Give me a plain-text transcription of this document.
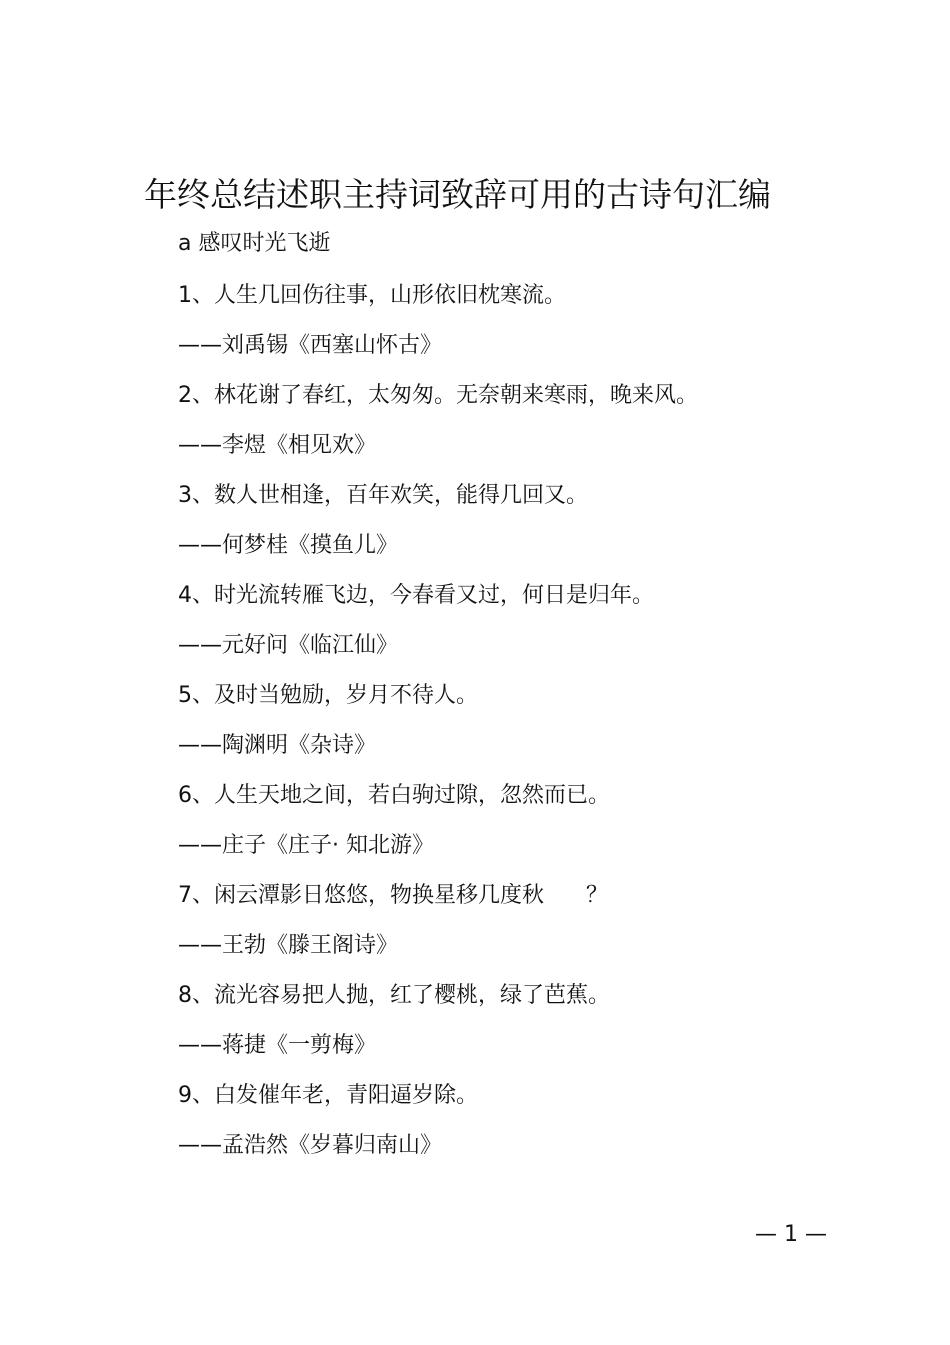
年终总结述职主持词致辞可用的古诗句汇编
a 感叹时光飞逝
1、人生几回伤往事，山形依旧枕寒流。
——刘禹锡《西塞山怀古》
2、林花谢了春红，太匆匆。无奈朝来寒雨，晚来风。
——李煜《相见欢》
3、数人世相逢，百年欢笑，能得几回又。
——何梦桂《摸鱼儿》
4、时光流转雁飞边，今春看又过，何日是归年。
——元好问《临江仙》
5、及时当勉励，岁月不待人。
——陶渊明《杂诗》
6、人生天地之间，若白驹过隙，忽然而已。
——庄子《庄子· 知北游》
7、闲云潭影日悠悠，物换星移几度秋      ？
——王勃《滕王阁诗》
8、流光容易把人抛，红了樱桃，绿了芭蕉。
——蒋捷《一剪梅》
9、白发催年老，青阳逼岁除。
——孟浩然《岁暮归南山》
— 1 —
